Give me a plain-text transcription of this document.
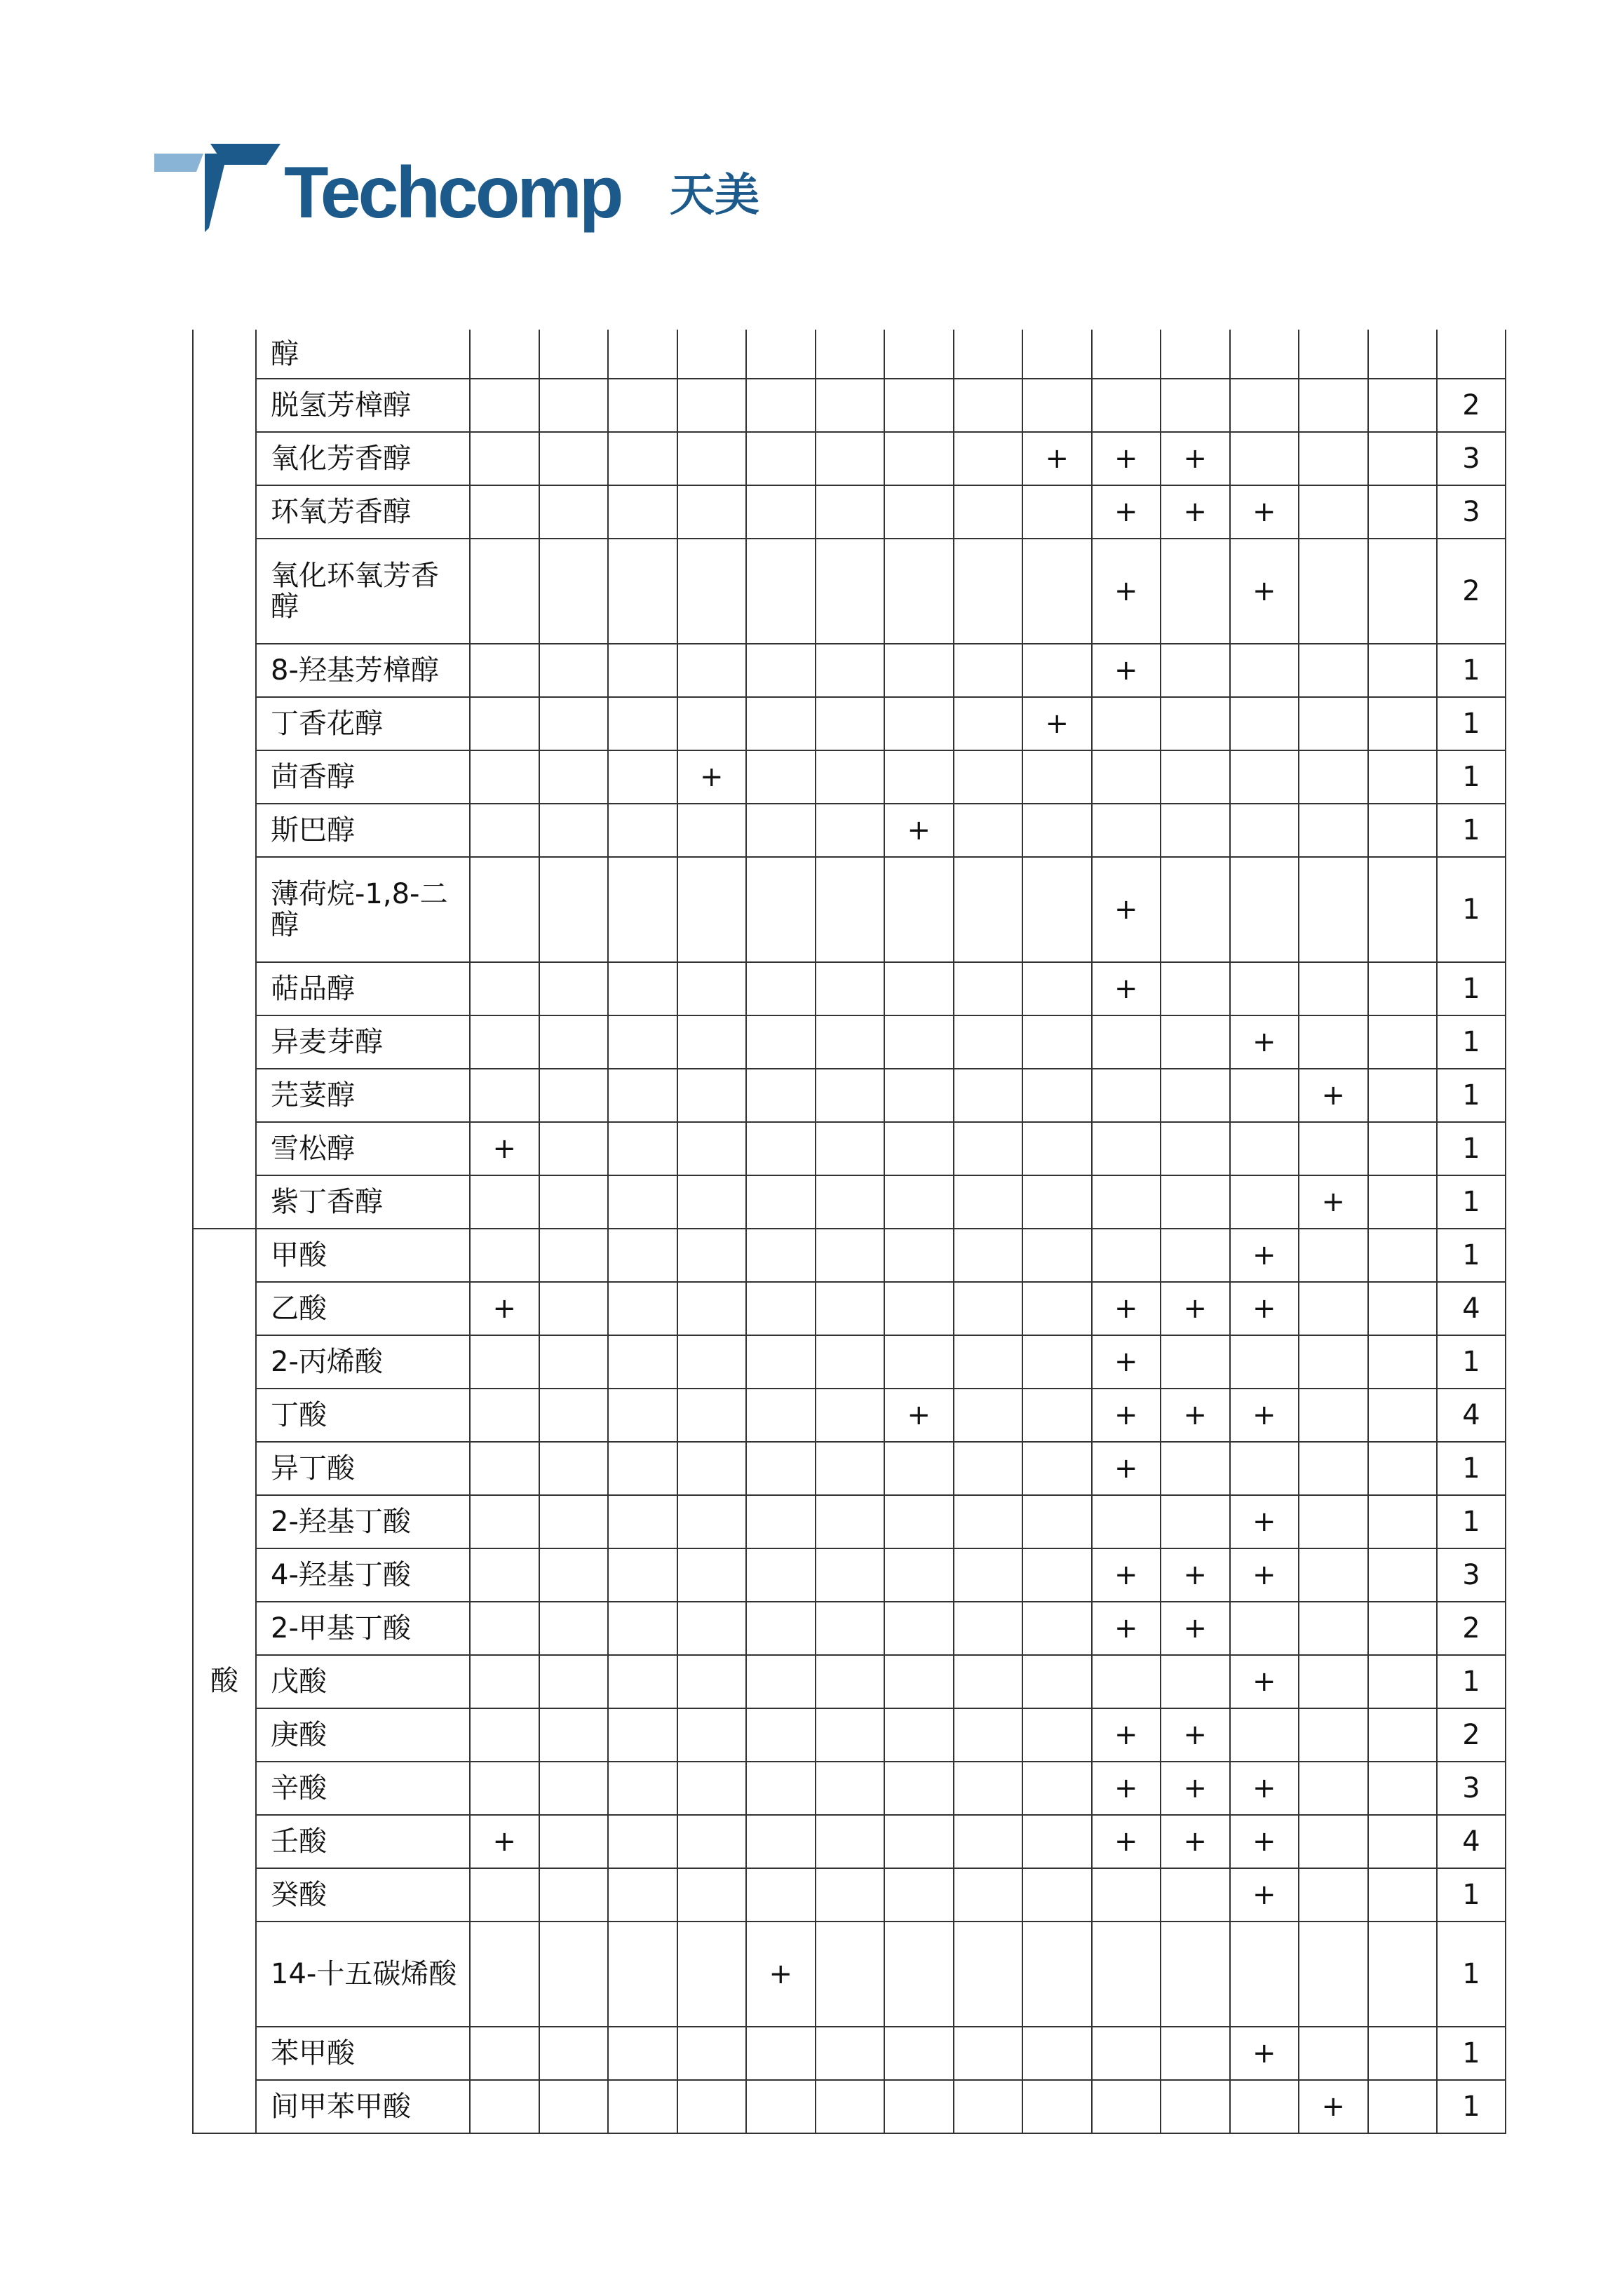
Techcomp 天美
	醇															
	脱氢芳樟醇															2
	氧化芳香醇									+	+	+				3
	环氧芳香醇										+	+	+			3
	氧化环氧芳香醇										+		+			2
	8-羟基芳樟醇										+					1
	丁香花醇									+						1
	茴香醇				+											1
	斯巴醇							+								1
	薄荷烷-1,8-二醇										+					1
	萜品醇										+					1
	异麦芽醇												+			1
	芫荽醇													+		1
	雪松醇	+														1
	紫丁香醇													+		1
酸	甲酸												+			1
	乙酸	+									+	+	+			4
	2-丙烯酸										+					1
	丁酸							+			+	+	+			4
	异丁酸										+					1
	2-羟基丁酸												+			1
	4-羟基丁酸										+	+	+			3
	2-甲基丁酸										+	+				2
	戊酸												+			1
	庚酸										+	+				2
	辛酸										+	+	+			3
	壬酸	+									+	+	+			4
	癸酸												+			1
	14-十五碳烯酸					+										1
	苯甲酸												+			1
	间甲苯甲酸													+		1
